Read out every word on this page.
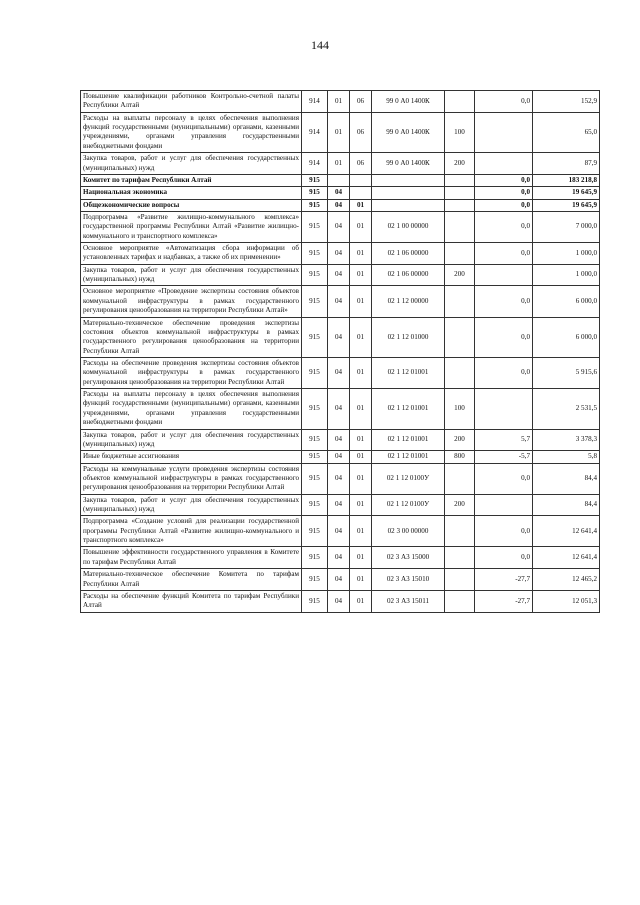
144
Повышение квалификации работников Контрольно-счетной палаты Республики Алтай	914	01	06	99 0 А0 1400К		0,0	152,9
Расходы на выплаты персоналу в целях обеспечения выполнения функций государственными (муниципальными) органами, казенными учреждениями, органами управления государственными внебюджетными фондами	914	01	06	99 0 А0 1400К	100		65,0
Закупка товаров, работ и услуг для обеспечения государственных (муниципальных) нужд	914	01	06	99 0 А0 1400К	200		87,9
Комитет по тарифам Республики Алтай	915					0,0	183 218,8
Национальная экономика	915	04				0,0	19 645,9
Общеэкономические вопросы	915	04	01			0,0	19 645,9
Подпрограмма «Развитие жилищно-коммунального комплекса» государственной программы Республики Алтай «Развитие жилищно-коммунального и транспортного комплекса»	915	04	01	02 1 00 00000		0,0	7 000,0
Основное мероприятие «Автоматизация сбора информации об установленных тарифах и надбавках, а также об их применении»	915	04	01	02 1 06 00000		0,0	1 000,0
Закупка товаров, работ и услуг для обеспечения государственных (муниципальных) нужд	915	04	01	02 1 06 00000	200		1 000,0
Основное мероприятие «Проведение экспертизы состояния объектов коммунальной инфраструктуры в рамках государственного регулирования ценообразования на территории Республики Алтай»	915	04	01	02 1 12 00000		0,0	6 000,0
Материально-техническое обеспечение проведения экспертизы состояния объектов коммунальной инфраструктуры в рамках государственного регулирования ценообразования на территории Республики Алтай	915	04	01	02 1 12 01000		0,0	6 000,0
Расходы на обеспечение проведения экспертизы состояния объектов коммунальной инфраструктуры в рамках государственного регулирования ценообразования на территории Республики Алтай	915	04	01	02 1 12 01001		0,0	5 915,6
Расходы на выплаты персоналу в целях обеспечения выполнения функций государственными (муниципальными) органами, казенными учреждениями, органами управления государственными внебюджетными фондами	915	04	01	02 1 12 01001	100		2 531,5
Закупка товаров, работ и услуг для обеспечения государственных (муниципальных) нужд	915	04	01	02 1 12 01001	200	5,7	3 378,3
Иные бюджетные ассигнования	915	04	01	02 1 12 01001	800	-5,7	5,8
Расходы на коммунальные услуги проведения экспертизы состояния объектов коммунальной инфраструктуры в рамках государственного регулирования ценообразования на территории Республики Алтай	915	04	01	02 1 12 0100У		0,0	84,4
Закупка товаров, работ и услуг для обеспечения государственных (муниципальных) нужд	915	04	01	02 1 12 0100У	200		84,4
Подпрограмма «Создание условий для реализации государственной программы Республики Алтай «Развитие жилищно-коммунального и транспортного комплекса»	915	04	01	02 3 00 00000		0,0	12 641,4
Повышение эффективности государственного управления в Комитете по тарифам Республики Алтай	915	04	01	02 3 А3 15000		0,0	12 641,4
Материально-техническое обеспечение Комитета по тарифам Республики Алтай	915	04	01	02 3 А3 15010		-27,7	12 465,2
Расходы на обеспечение функций Комитета по тарифам Республики Алтай	915	04	01	02 3 А3 15011		-27,7	12 051,3
